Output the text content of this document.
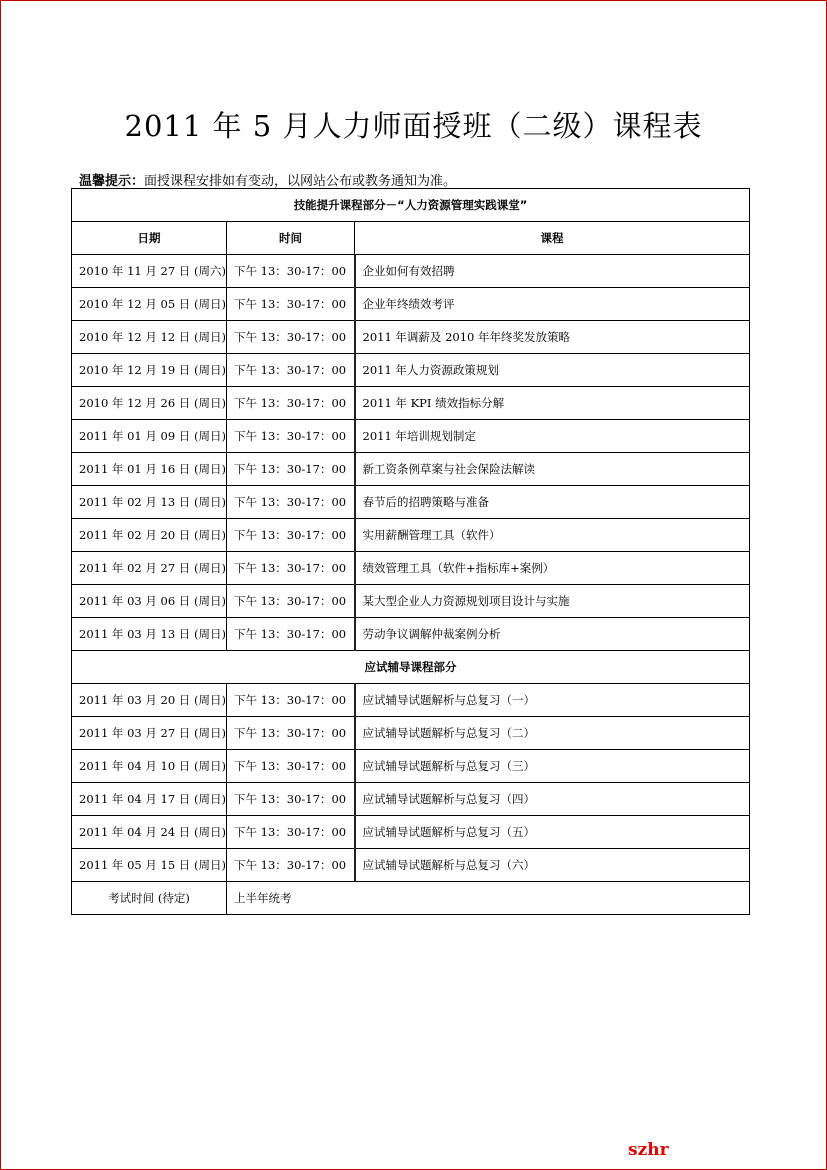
2011 年 5 月人力师面授班（二级）课程表
温馨提示：面授课程安排如有变动，以网站公布或教务通知为准。
技能提升课程部分－“人力资源管理实践课堂”		
日期	时间	课程
2010 年 11 月 27 日 (周六)	下午 13：30-17：00	企业如何有效招聘
2010 年 12 月 05 日 (周日)	下午 13：30-17：00	企业年终绩效考评
2010 年 12 月 12 日 (周日)	下午 13：30-17：00	2011 年调薪及 2010 年年终奖发放策略
2010 年 12 月 19 日 (周日)	下午 13：30-17：00	2011 年人力资源政策规划
2010 年 12 月 26 日 (周日)	下午 13：30-17：00	2011 年 KPI 绩效指标分解
2011 年 01 月 09 日 (周日)	下午 13：30-17：00	2011 年培训规划制定
2011 年 01 月 16 日 (周日)	下午 13：30-17：00	新工资条例草案与社会保险法解读
2011 年 02 月 13 日 (周日)	下午 13：30-17：00	春节后的招聘策略与准备
2011 年 02 月 20 日 (周日)	下午 13：30-17：00	实用薪酬管理工具（软件）
2011 年 02 月 27 日 (周日)	下午 13：30-17：00	绩效管理工具（软件+指标库+案例）
2011 年 03 月 06 日 (周日)	下午 13：30-17：00	某大型企业人力资源规划项目设计与实施
2011 年 03 月 13 日 (周日)	下午 13：30-17：00	劳动争议调解仲裁案例分析
应试辅导课程部分		
2011 年 03 月 20 日 (周日)	下午 13：30-17：00	应试辅导试题解析与总复习（一）
2011 年 03 月 27 日 (周日)	下午 13：30-17：00	应试辅导试题解析与总复习（二）
2011 年 04 月 10 日 (周日)	下午 13：30-17：00	应试辅导试题解析与总复习（三）
2011 年 04 月 17 日 (周日)	下午 13：30-17：00	应试辅导试题解析与总复习（四）
2011 年 04 月 24 日 (周日)	下午 13：30-17：00	应试辅导试题解析与总复习（五）
2011 年 05 月 15 日 (周日)	下午 13：30-17：00	应试辅导试题解析与总复习（六）
考试时间 (待定)	上半年统考	
szhr
